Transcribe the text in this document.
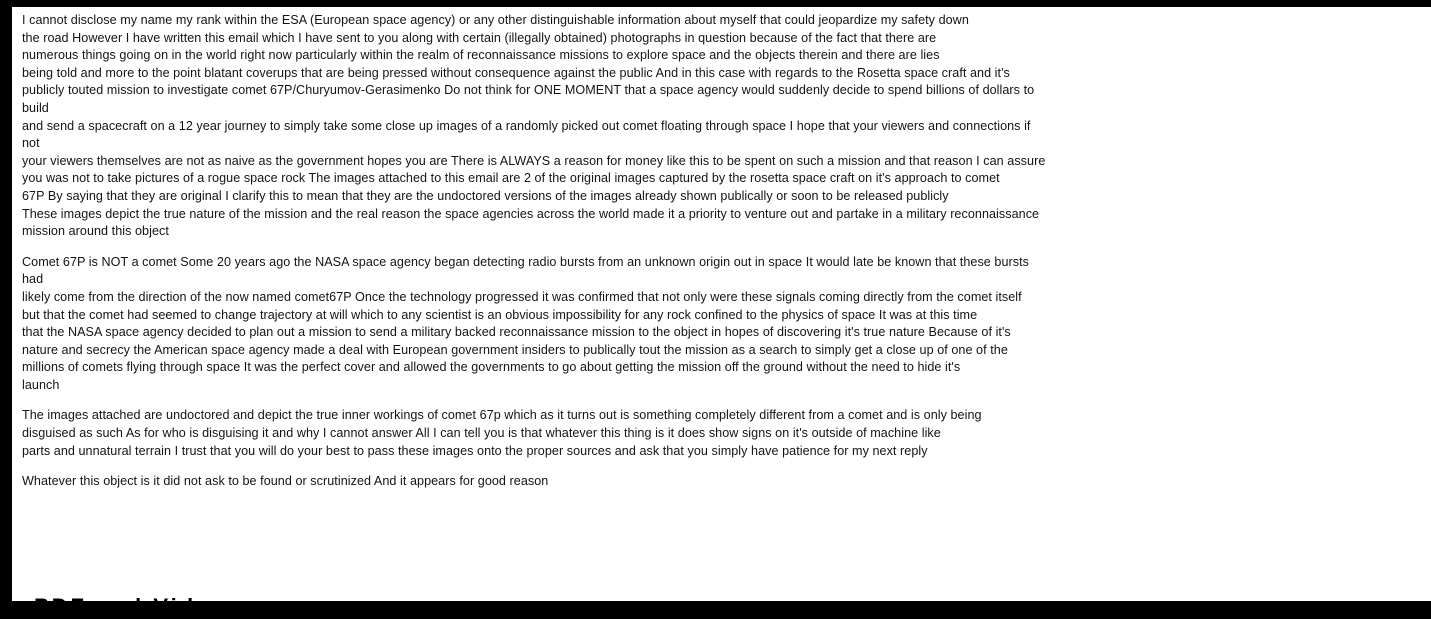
I cannot disclose my name my rank within the ESA (European space agency) or any other distinguishable information about myself that could jeopardize my safety down
the road However I have written this email which I have sent to you along with certain (illegally obtained) photographs in question because of the fact that there are
numerous things going on in the world right now particularly within the realm of reconnaissance missions to explore space and the objects therein and there are lies
being told and more to the point blatant coverups that are being pressed without consequence against the public And in this case with regards to the Rosetta space craft and it's
publicly touted mission to investigate comet 67P/Churyumov-Gerasimenko Do not think for ONE MOMENT that a space agency would suddenly decide to spend billions of dollars to
build
and send a spacecraft on a 12 year journey to simply take some close up images of a randomly picked out comet floating through space I hope that your viewers and connections if
not
your viewers themselves are not as naive as the government hopes you are There is ALWAYS a reason for money like this to be spent on such a mission and that reason I can assure
you was not to take pictures of a rogue space rock The images attached to this email are 2 of the original images captured by the rosetta space craft on it's approach to comet
67P By saying that they are original I clarify this to mean that they are the undoctored versions of the images already shown publically or soon to be released publicly
These images depict the true nature of the mission and the real reason the space agencies across the world made it a priority to venture out and partake in a military reconnaissance
mission around this object
Comet 67P is NOT a comet Some 20 years ago the NASA space agency began detecting radio bursts from an unknown origin out in space It would late be known that these bursts
had
likely come from the direction of the now named comet67P Once the technology progressed it was confirmed that not only were these signals coming directly from the comet itself
but that the comet had seemed to change trajectory at will which to any scientist is an obvious impossibility for any rock confined to the physics of space It was at this time
that the NASA space agency decided to plan out a mission to send a military backed reconnaissance mission to the object in hopes of discovering it's true nature Because of it's
nature and secrecy the American space agency made a deal with European government insiders to publically tout the mission as a search to simply get a close up of one of the
millions of comets flying through space It was the perfect cover and allowed the governments to go about getting the mission off the ground without the need to hide it's
launch
The images attached are undoctored and depict the true inner workings of comet 67p which as it turns out is something completely different from a comet and is only being
disguised as such As for who is disguising it and why I cannot answer All I can tell you is that whatever this thing is it does show signs on it's outside of machine like
parts and unnatural terrain I trust that you will do your best to pass these images onto the proper sources and ask that you simply have patience for my next reply
Whatever this object is it did not ask to be found or scrutinized And it appears for good reason
PDF and Video
